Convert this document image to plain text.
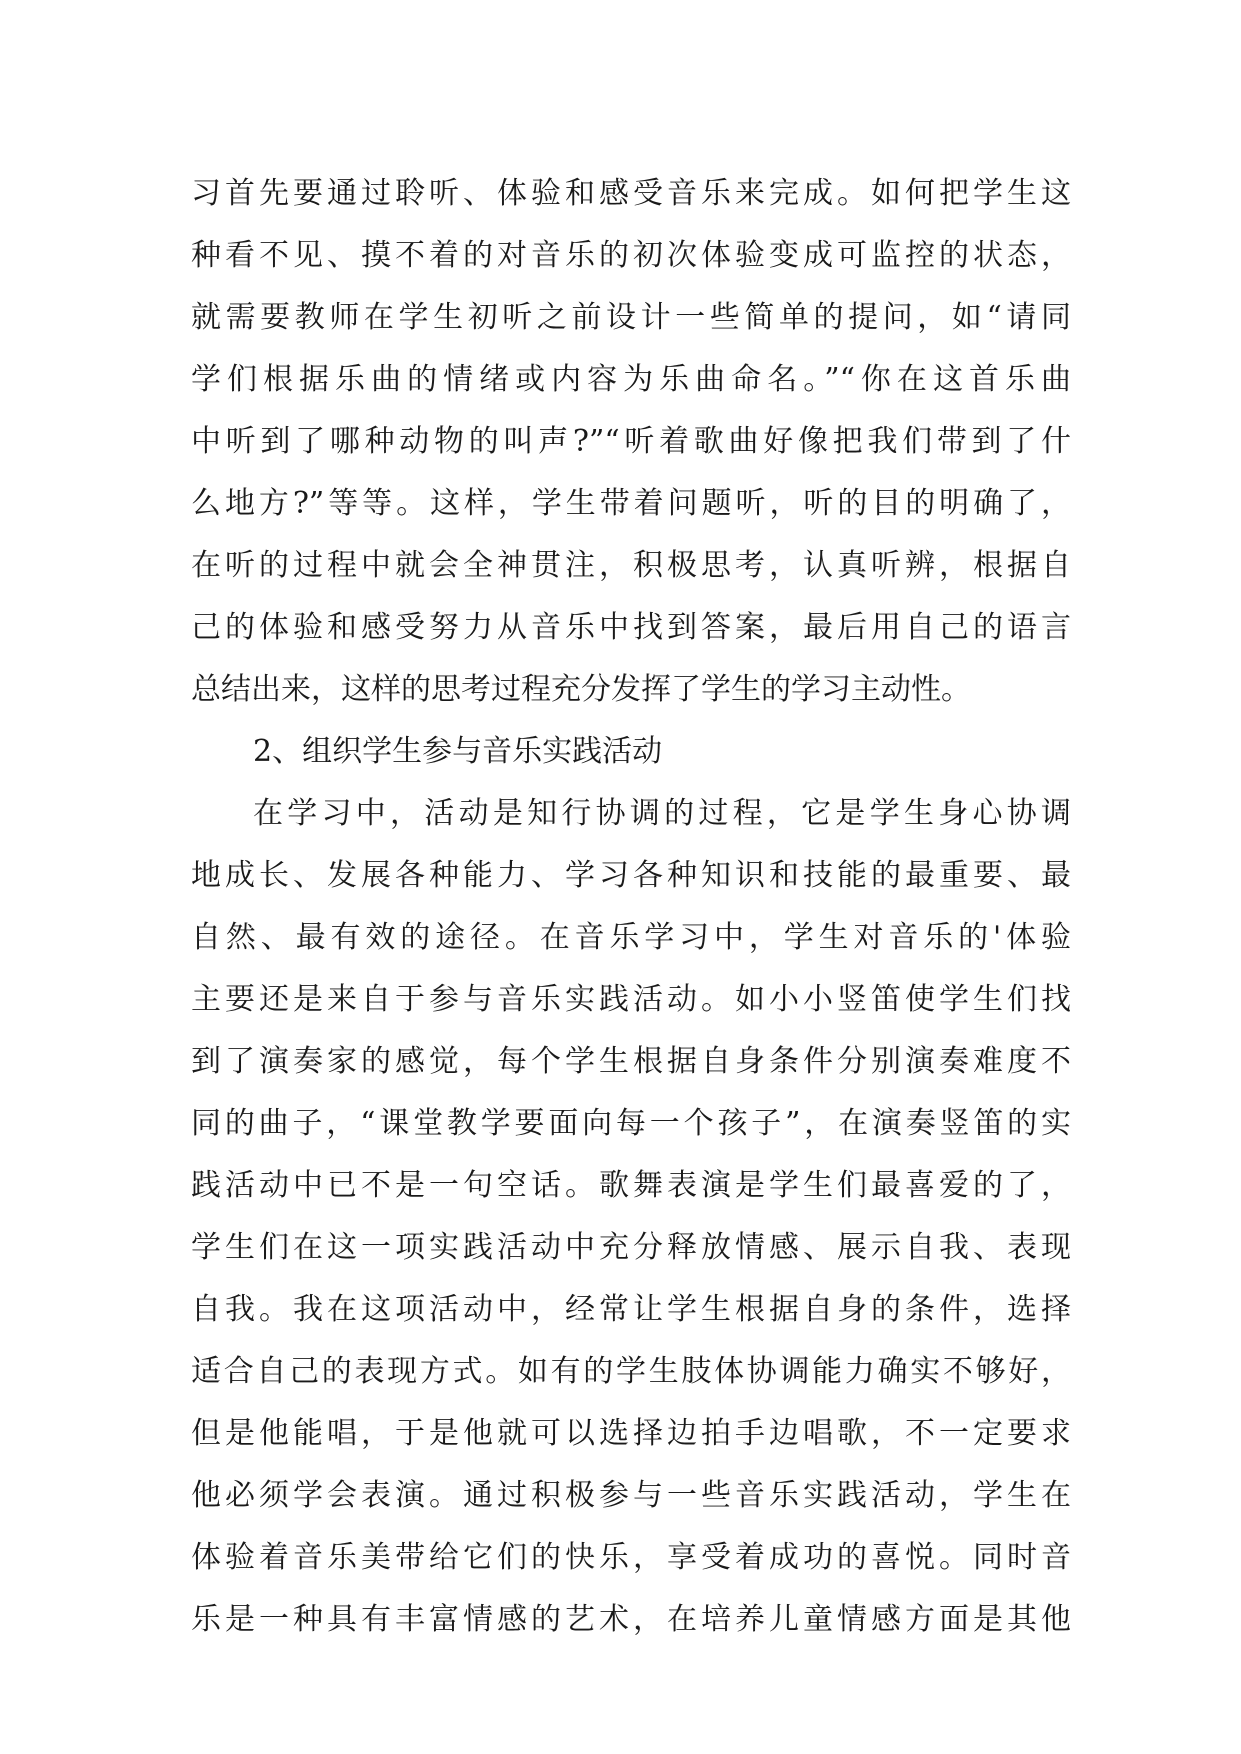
习首先要通过聆听、体验和感受音乐来完成。如何把学生这
种看不见、摸不着的对音乐的初次体验变成可监控的状态，
就需要教师在学生初听之前设计一些简单的提问，如“请同
学们根据乐曲的情绪或内容为乐曲命名。”“你在这首乐曲
中听到了哪种动物的叫声?”“听着歌曲好像把我们带到了什
么地方?”等等。这样，学生带着问题听，听的目的明确了，
在听的过程中就会全神贯注，积极思考，认真听辨，根据自
己的体验和感受努力从音乐中找到答案，最后用自己的语言
总结出来，这样的思考过程充分发挥了学生的学习主动性。
2、组织学生参与音乐实践活动
在学习中，活动是知行协调的过程，它是学生身心协调
地成长、发展各种能力、学习各种知识和技能的最重要、最
自然、最有效的途径。在音乐学习中，学生对音乐的'体验
主要还是来自于参与音乐实践活动。如小小竖笛使学生们找
到了演奏家的感觉，每个学生根据自身条件分别演奏难度不
同的曲子，“课堂教学要面向每一个孩子”，在演奏竖笛的实
践活动中已不是一句空话。歌舞表演是学生们最喜爱的了，
学生们在这一项实践活动中充分释放情感、展示自我、表现
自我。我在这项活动中，经常让学生根据自身的条件，选择
适合自己的表现方式。如有的学生肢体协调能力确实不够好，
但是他能唱，于是他就可以选择边拍手边唱歌，不一定要求
他必须学会表演。通过积极参与一些音乐实践活动，学生在
体验着音乐美带给它们的快乐，享受着成功的喜悦。同时音
乐是一种具有丰富情感的艺术，在培养儿童情感方面是其他
